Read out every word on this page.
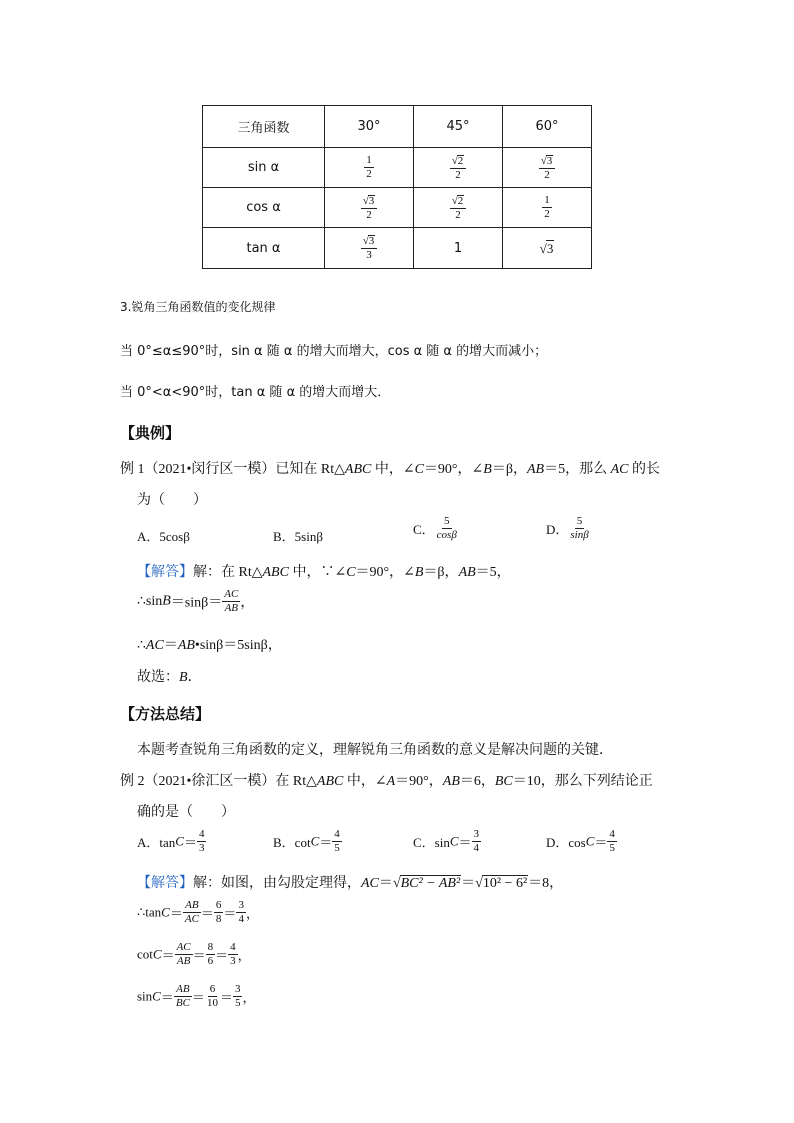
三角函数	30°	45°	60°
sin α	$\frac{1}{2}$	$\frac{√2}{2}$	$\frac{√3}{2}$

cos α	$\frac{√3}{2}$	$\frac{√2}{2}$	$\frac{1}{2}$

tan α	$\frac{√3}{3}$	1	√3
3.锐角三角函数值的变化规律
当 0°≤α≤90°时，sin α 随 α 的增大而增大，cos α 随 α 的增大而减小；
当 0°<α<90°时，tan α 随 α 的增大而增大．
【典例】
例 1（2021•闵行区一模）已知在 Rt△ABC 中，∠C＝90°，∠B＝β，AB＝5，那么 AC 的长
为（　　）
A．5cosβ	B．5sinβ	C． $\frac{5}{\cos\beta}$	D． $\frac{5}{\sin\beta}$
【解答】解：在 Rt△ABC 中，∵∠C＝90°，∠B＝β，AB＝5，
∴sinB＝sinβ＝ $\frac{AC}{AB}$ ，
∴AC＝AB•sinβ＝5sinβ，
故选：B．
【方法总结】
本题考查锐角三角函数的定义，理解锐角三角函数的意义是解决问题的关键．
例 2（2021•徐汇区一模）在 Rt△ABC 中，∠A＝90°，AB＝6，BC＝10，那么下列结论正
确的是（　　）
A．$\tan C= \frac{4}{3}$	B．$\cot C= \frac{4}{5}$	C．$\sin C= \frac{3}{4}$	D．$\cos C= \frac{4}{5}$
【解答】解：如图，由勾股定理得，AC＝√BC² − AB²＝√10² − 6²＝8，
∴tanC＝ $\frac{AB}{AC} = \frac{6}{8} = \frac{3}{4}$ ，
$\cot C= \frac{AC}{AB} = \frac{8}{6} = \frac{4}{3}$ ，
$\sin C= \frac{AB}{BC} = \frac{6}{10} = \frac{3}{5}$ ，
